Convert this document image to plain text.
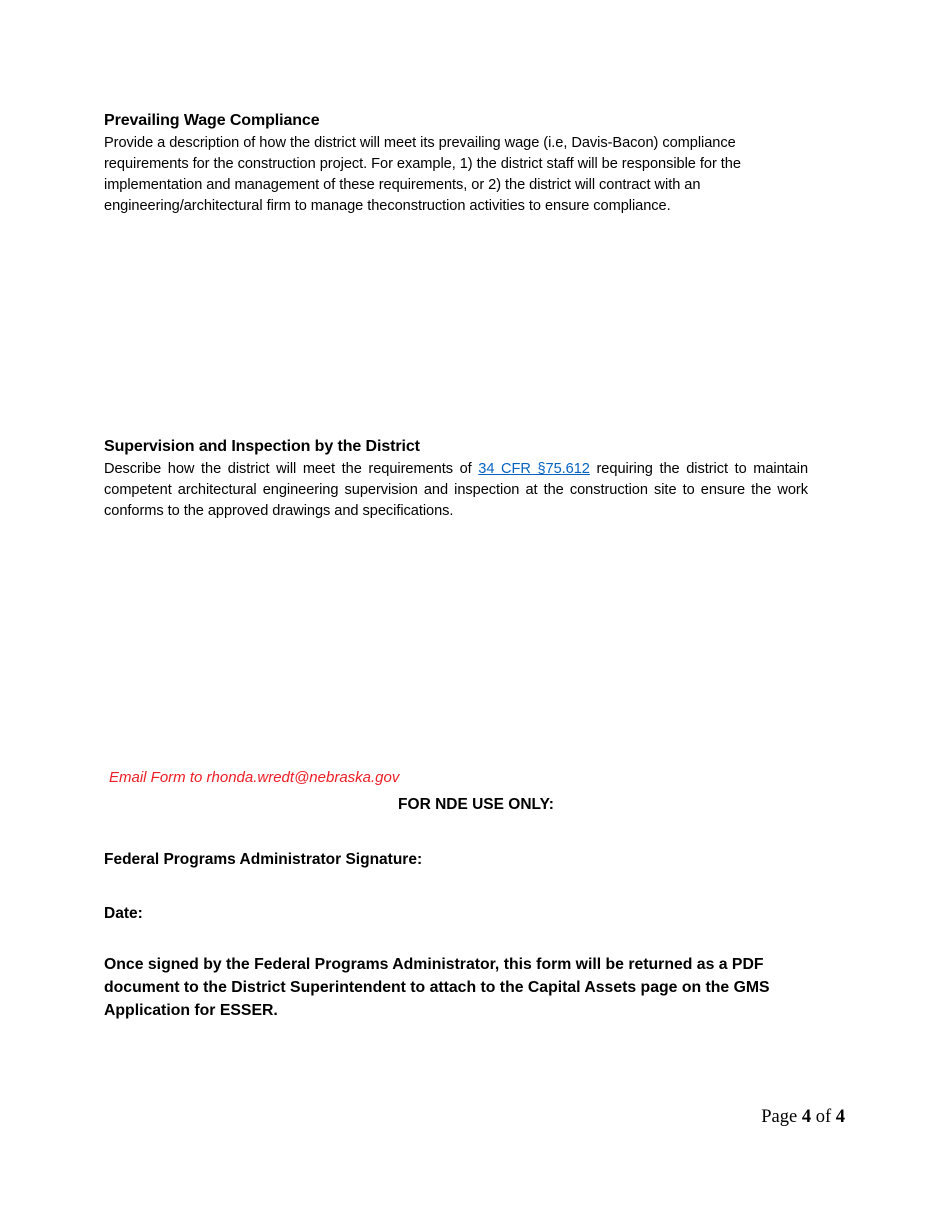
Prevailing Wage Compliance
Provide a description of how the district will meet its prevailing wage (i.e, Davis-Bacon) compliance
requirements for the construction project. For example, 1) the district staff will be responsible for the
implementation and management of these requirements, or 2) the district will contract with an
engineering/architectural firm to manage theconstruction activities to ensure compliance.
Supervision and Inspection by the District
Describe how the district will meet the requirements of 34 CFR §75.612 requiring the district to maintain competent architectural engineering supervision and inspection at the construction site to ensure the work conforms to the approved drawings and specifications.
Email Form to rhonda.wredt@nebraska.gov
FOR NDE USE ONLY:
Federal Programs Administrator Signature:
Date:
Once signed by the Federal Programs Administrator, this form will be returned as a PDF document to the District Superintendent to attach to the Capital Assets page on the GMS Application for ESSER.
Page 4 of 4
